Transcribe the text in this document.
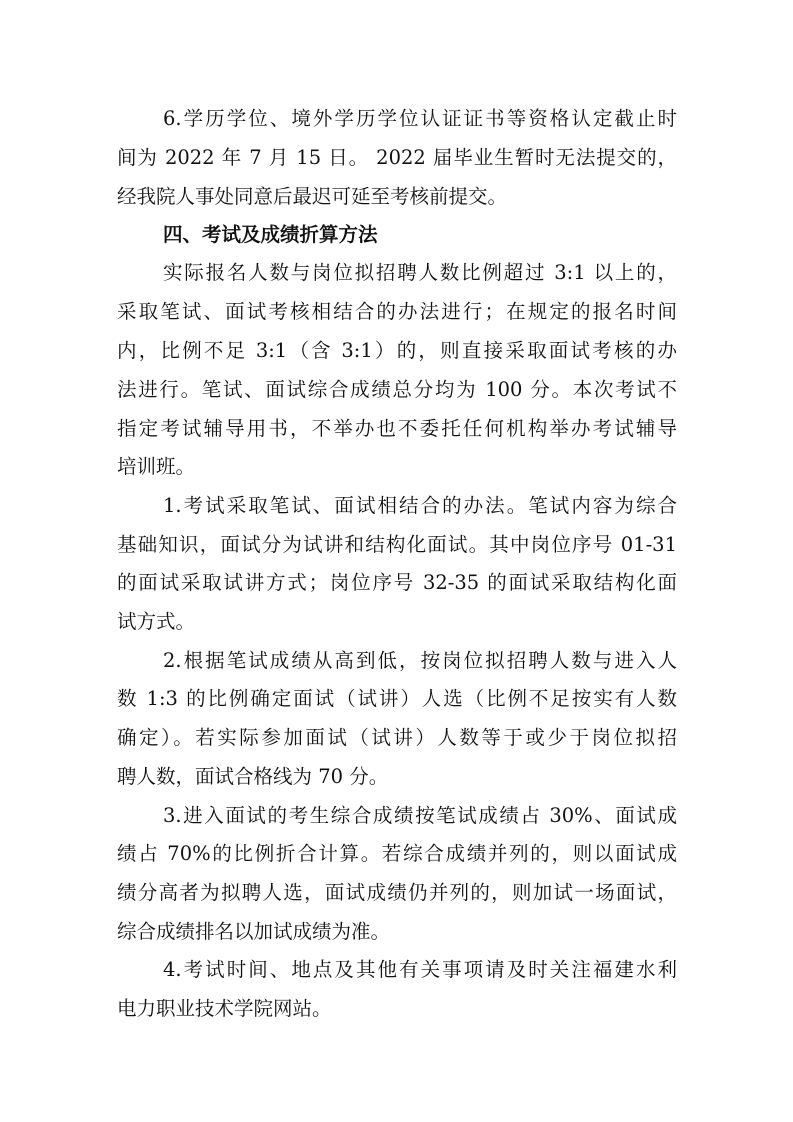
6.学历学位、境外学历学位认证证书等资格认定截止时
间为 2022 年 7 月 15 日。 2022 届毕业生暂时无法提交的，
经我院人事处同意后最迟可延至考核前提交。
四、考试及成绩折算方法
实际报名人数与岗位拟招聘人数比例超过 3:1 以上的，
采取笔试、面试考核相结合的办法进行；在规定的报名时间
内，比例不足 3:1（含 3:1）的，则直接采取面试考核的办
法进行。笔试、面试综合成绩总分均为 100 分。本次考试不
指定考试辅导用书，不举办也不委托任何机构举办考试辅导
培训班。
1.考试采取笔试、面试相结合的办法。笔试内容为综合
基础知识，面试分为试讲和结构化面试。其中岗位序号 01-31
的面试采取试讲方式；岗位序号 32-35 的面试采取结构化面
试方式。
2.根据笔试成绩从高到低，按岗位拟招聘人数与进入人
数 1:3 的比例确定面试（试讲）人选（比例不足按实有人数
确定）。若实际参加面试（试讲）人数等于或少于岗位拟招
聘人数，面试合格线为 70 分。
3.进入面试的考生综合成绩按笔试成绩占 30%、面试成
绩占 70%的比例折合计算。若综合成绩并列的，则以面试成
绩分高者为拟聘人选，面试成绩仍并列的，则加试一场面试，
综合成绩排名以加试成绩为准。
4.考试时间、地点及其他有关事项请及时关注福建水利
电力职业技术学院网站。
